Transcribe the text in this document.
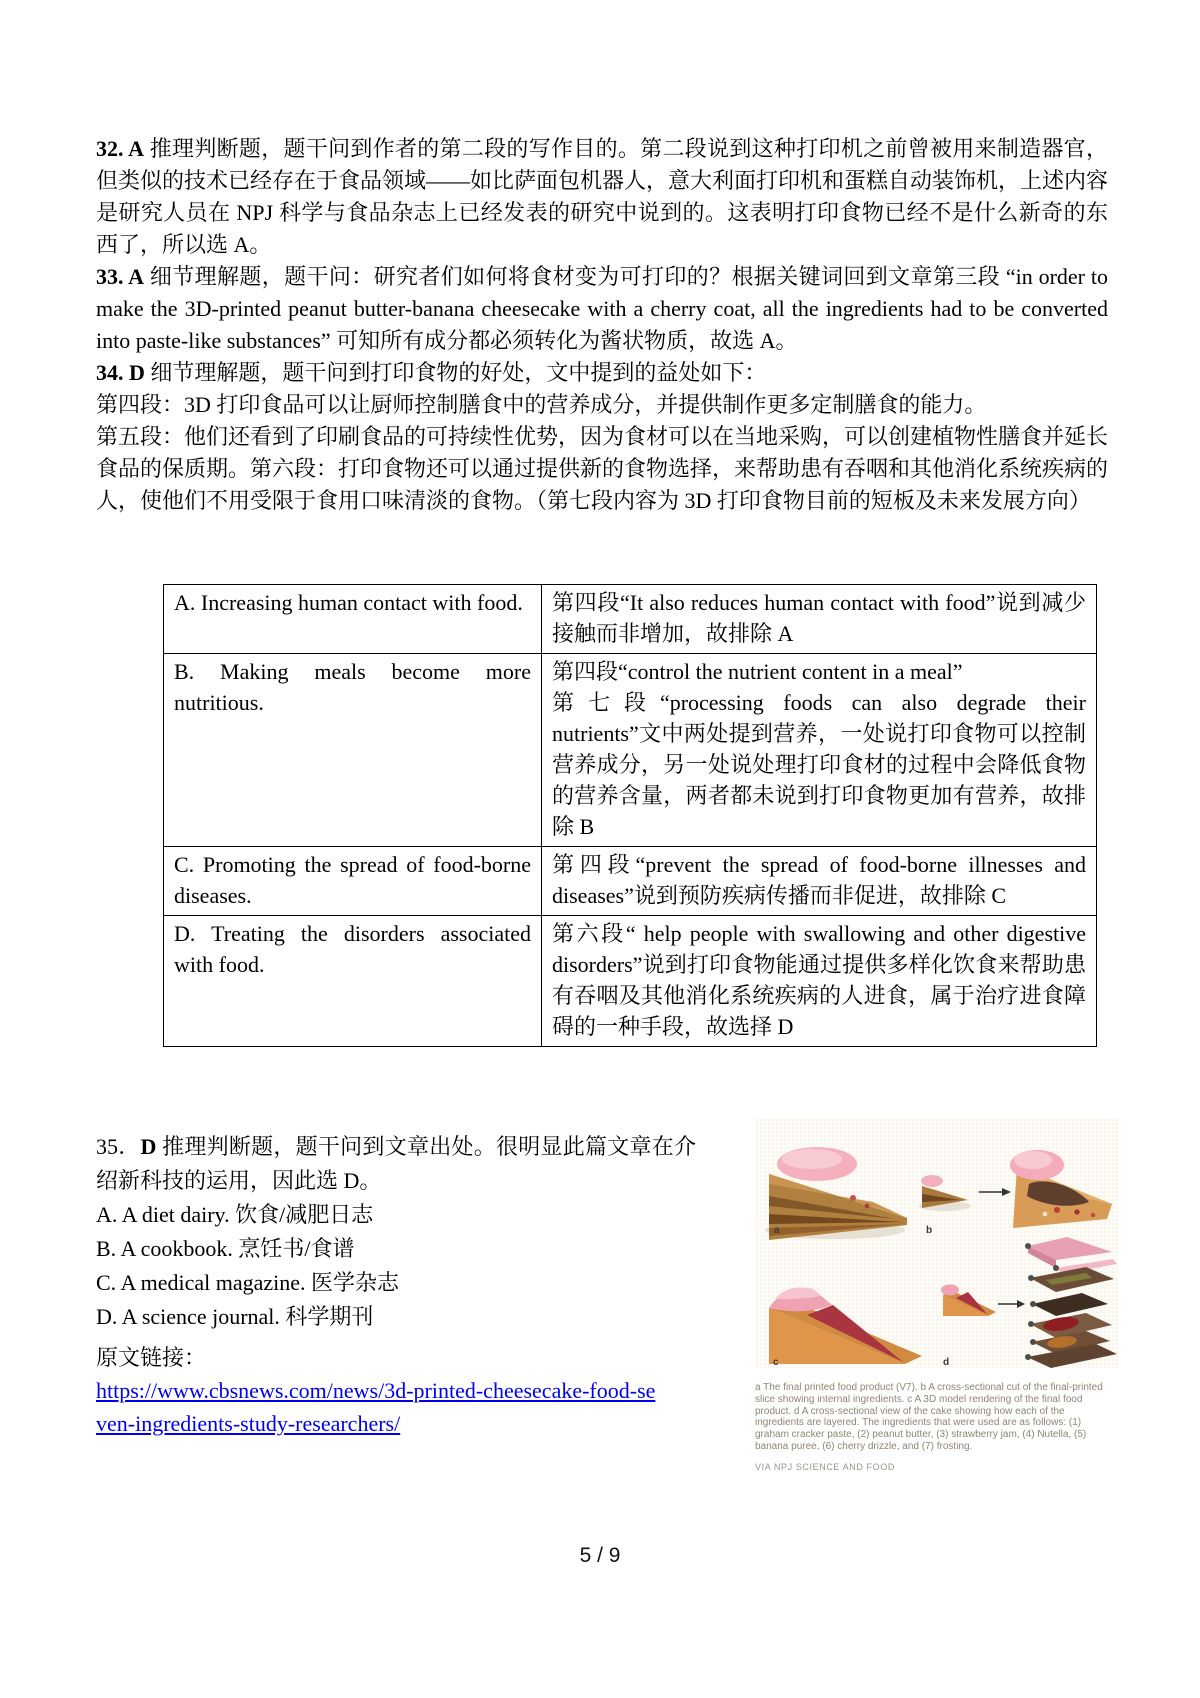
32. A 推理判断题，题干问到作者的第二段的写作目的。第二段说到这种打印机之前曾被用来制造器官，但类似的技术已经存在于食品领域——如比萨面包机器人，意大利面打印机和蛋糕自动装饰机，上述内容是研究人员在 NPJ 科学与食品杂志上已经发表的研究中说到的。这表明打印食物已经不是什么新奇的东西了，所以选 A。

33. A 细节理解题，题干问：研究者们如何将食材变为可打印的？根据关键词回到文章第三段 “in order to make the 3D-printed peanut butter-banana cheesecake with a cherry coat, all the ingredients had to be converted into paste-like substances” 可知所有成分都必须转化为酱状物质，故选 A。

34. D 细节理解题，题干问到打印食物的好处，文中提到的益处如下：

第四段：3D 打印食品可以让厨师控制膳食中的营养成分，并提供制作更多定制膳食的能力。

第五段：他们还看到了印刷食品的可持续性优势，因为食材可以在当地采购，可以创建植物性膳食并延长食品的保质期。第六段：打印食物还可以通过提供新的食物选择，来帮助患有吞咽和其他消化系统疾病的人，使他们不用受限于食用口味清淡的食物。（第七段内容为 3D 打印食物目前的短板及未来发展方向）

A. Increasing human contact with food.	第四段“It also reduces human contact with food”说到减少接触而非增加，故排除 A
B. Making meals become more nutritious.	第四段“control the nutrient content in a meal”
第七段“processing foods can also degrade their nutrients”文中两处提到营养，一处说打印食物可以控制营养成分，另一处说处理打印食材的过程中会降低食物的营养含量，两者都未说到打印食物更加有营养，故排除 B

C. Promoting the spread of food-borne diseases.	第四段“prevent the spread of food-borne illnesses and diseases”说到预防疾病传播而非促进，故排除 C
D. Treating the disorders associated with food.	第六段“ help people with swallowing and other digestive disorders”说到打印食物能通过提供多样化饮食来帮助患有吞咽及其他消化系统疾病的人进食，属于治疗进食障碍的一种手段，故选择 D

35．D 推理判断题，题干问到文章出处。很明显此篇文章在介绍新科技的运用，因此选 D。

A. A diet dairy. 饮食/减肥日志
B. A cookbook. 烹饪书/食谱
C. A medical magazine. 医学杂志
D. A science journal. 科学期刊
原文链接：
https://www.cbsnews.com/news/3d-printed-cheesecake-food-se
ven-ingredients-study-researchers/
a	b
c	d
a The final printed food product (V7). b A cross-sectional cut of the final-printed slice showing internal ingredients. c A 3D model rendering of the final food product. d A cross-sectional view of the cake showing how each of the ingredients are layered. The ingredients that were used are as follows: (1) graham cracker paste, (2) peanut butter, (3) strawberry jam, (4) Nutella, (5) banana puree, (6) cherry drizzle, and (7) frosting.
VIA NPJ SCIENCE AND FOOD
5 / 9
